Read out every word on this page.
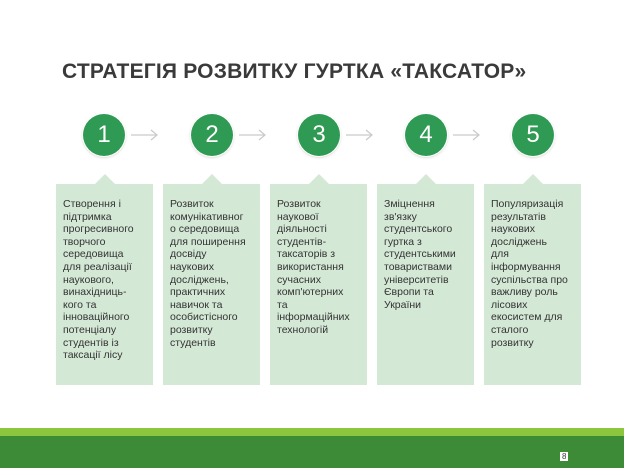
СТРАТЕГІЯ РОЗВИТКУ ГУРТКА «ТАКСАТОР»
1
Створення і
підтримка
прогресивного
творчого
середовища
для реалізації
наукового,
винахідниць-
кого та
інноваційного
потенціалу
студентів із
таксації лісу
2
Розвиток
комунікативног
о середовища
для поширення
досвіду
наукових
досліджень,
практичних
навичок та
особистісного
розвитку
студентів
3
Розвиток
наукової
діяльності
студентів-
таксаторів з
використання
сучасних
комп'ютерних
та
інформаційних
технологій
4
Зміцнення
зв'язку
студентського
гуртка з
студентськими
товариствами
університетів
Європи та
України
5
Популяризація
результатів
наукових
досліджень
для
інформування
суспільства про
важливу роль
лісових
екосистем для
сталого
розвитку
8
